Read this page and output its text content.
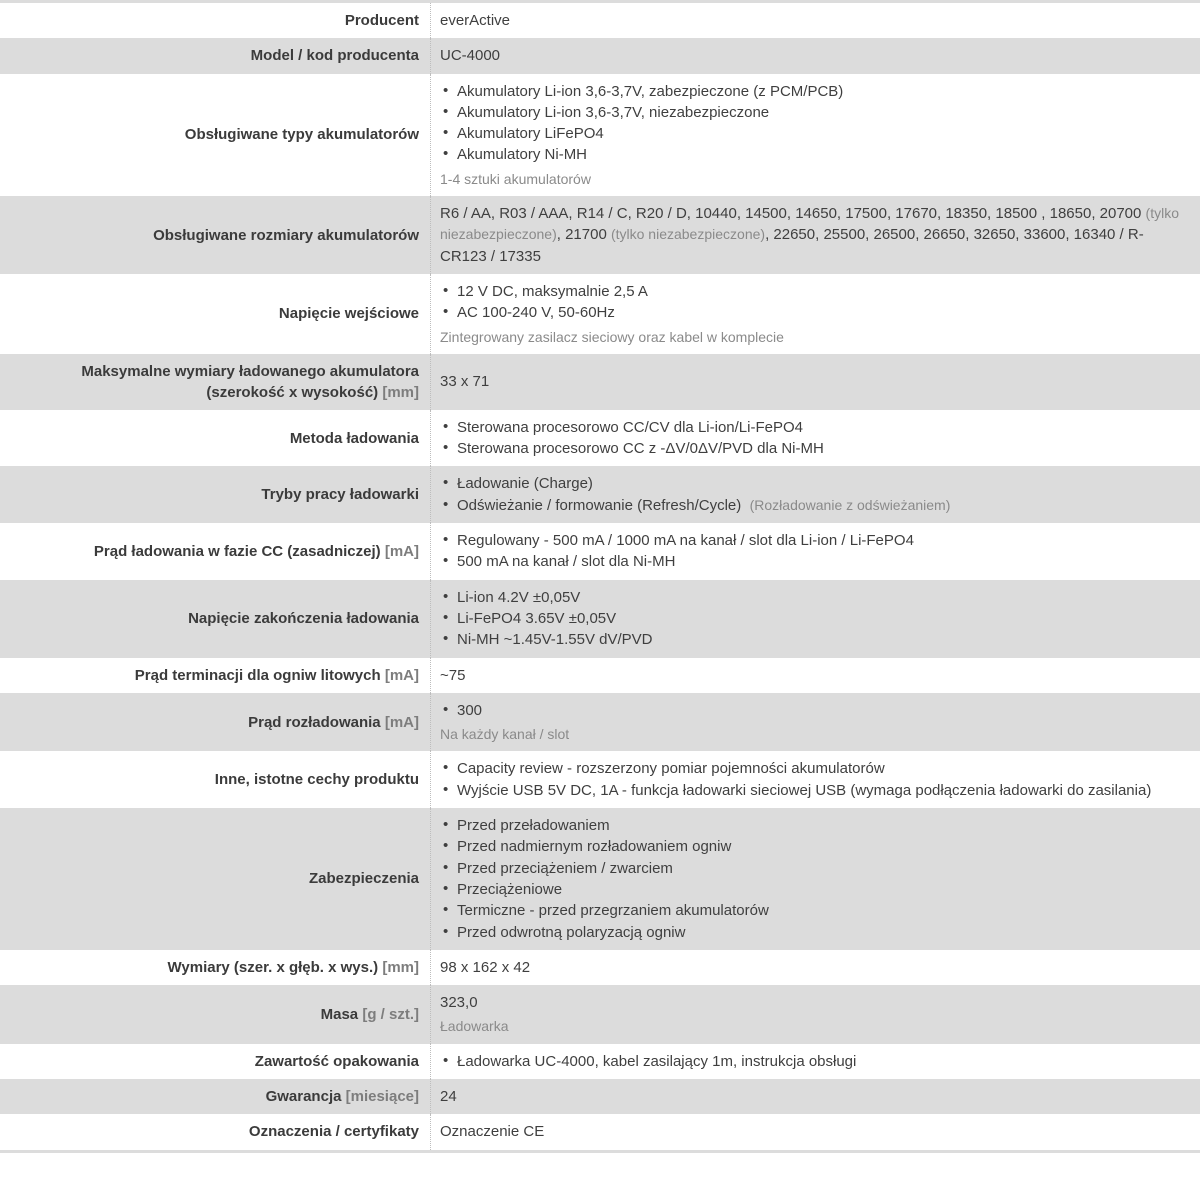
Producent everActive
Model / kod producenta UC-4000
Obsługiwane typy akumulatorów
• Akumulatory Li-ion 3,6-3,7V, zabezpieczone (z PCM/PCB)
• Akumulatory Li-ion 3,6-3,7V, niezabezpieczone
• Akumulatory LiFePO4
• Akumulatory Ni-MH
1-4 sztuki akumulatorów
Obsługiwane rozmiary akumulatorów
R6 / AA, R03 / AAA, R14 / C, R20 / D, 10440, 14500, 14650, 17500, 17670, 18350, 18500 , 18650, 20700 (tylko niezabezpieczone), 21700 (tylko niezabezpieczone), 22650, 25500, 26500, 26650, 32650, 33600, 16340 / R-CR123 / 17335
Napięcie wejściowe
• 12 V DC, maksymalnie 2,5 A
• AC 100-240 V, 50-60Hz
Zintegrowany zasilacz sieciowy oraz kabel w komplecie
Maksymalne wymiary ładowanego akumulatora (szerokość x wysokość) [mm]
33 x 71
Metoda ładowania
• Sterowana procesorowo CC/CV dla Li-ion/Li-FePO4
• Sterowana procesorowo CC z -ΔV/0ΔV/PVD dla Ni-MH
Tryby pracy ładowarki
• Ładowanie (Charge)
• Odświeżanie / formowanie (Refresh/Cycle) (Rozładowanie z odświeżaniem)
Prąd ładowania w fazie CC (zasadniczej) [mA]
• Regulowany - 500 mA / 1000 mA na kanał / slot dla Li-ion / Li-FePO4
• 500 mA na kanał / slot dla Ni-MH
Napięcie zakończenia ładowania
• Li-ion 4.2V ±0,05V
• Li-FePO4 3.65V ±0,05V
• Ni-MH ~1.45V-1.55V dV/PVD
Prąd terminacji dla ogniw litowych [mA] ~75
Prąd rozładowania [mA]
• 300
Na każdy kanał / slot
Inne, istotne cechy produktu
• Capacity review - rozszerzony pomiar pojemności akumulatorów
• Wyjście USB 5V DC, 1A - funkcja ładowarki sieciowej USB (wymaga podłączenia ładowarki do zasilania)
Zabezpieczenia
• Przed przeładowaniem
• Przed nadmiernym rozładowaniem ogniw
• Przed przeciążeniem / zwarciem
• Przeciążeniowe
• Termiczne - przed przegrzaniem akumulatorów
• Przed odwrotną polaryzacją ogniw
Wymiary (szer. x głęb. x wys.) [mm] 98 x 162 x 42
Masa [g / szt.]
323,0
Ładowarka
Zawartość opakowania	• Ładowarka UC-4000, kabel zasilający 1m, instrukcja obsługi
Gwarancja [miesiące] 24
Oznaczenia / certyfikaty Oznaczenie CE
